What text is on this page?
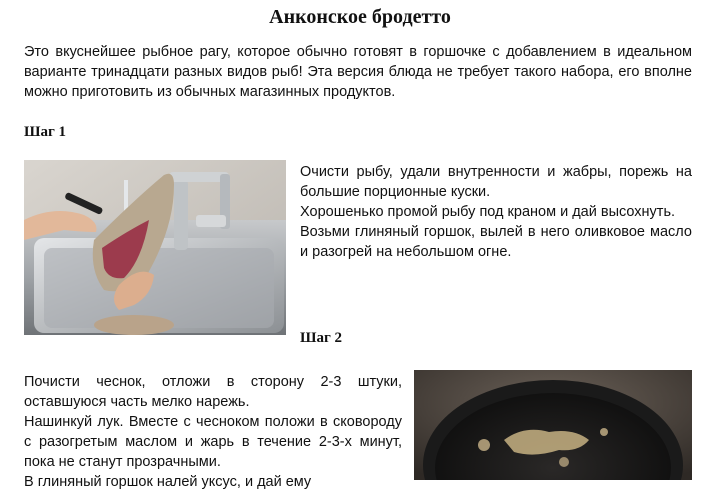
Анконское бродетто
Это вкуснейшее рыбное рагу, которое обычно готовят в горшочке с добавлением в идеальном варианте тринадцати разных видов рыб! Эта версия блюда не требует такого набора, его вполне можно приготовить из обычных магазинных продуктов.
Шаг 1

Очисти рыбу, удали внутренности и жабры, порежь на большие порционные куски.

Хорошенько промой рыбу под краном и дай высохнуть.

Возьми глиняный горшок, вылей в него оливковое масло и разогрей на небольшом огне.

Шаг 2

Почисти чеснок, отложи в сторону 2-3 штуки, оставшуюся часть мелко нарежь.

Нашинкуй лук. Вместе с чесноком положи в сковороду с разогретым маслом и жарь в течение 2-3-х минут, пока не станут прозрачными.

В глиняный горшок налей уксус, и дай ему
